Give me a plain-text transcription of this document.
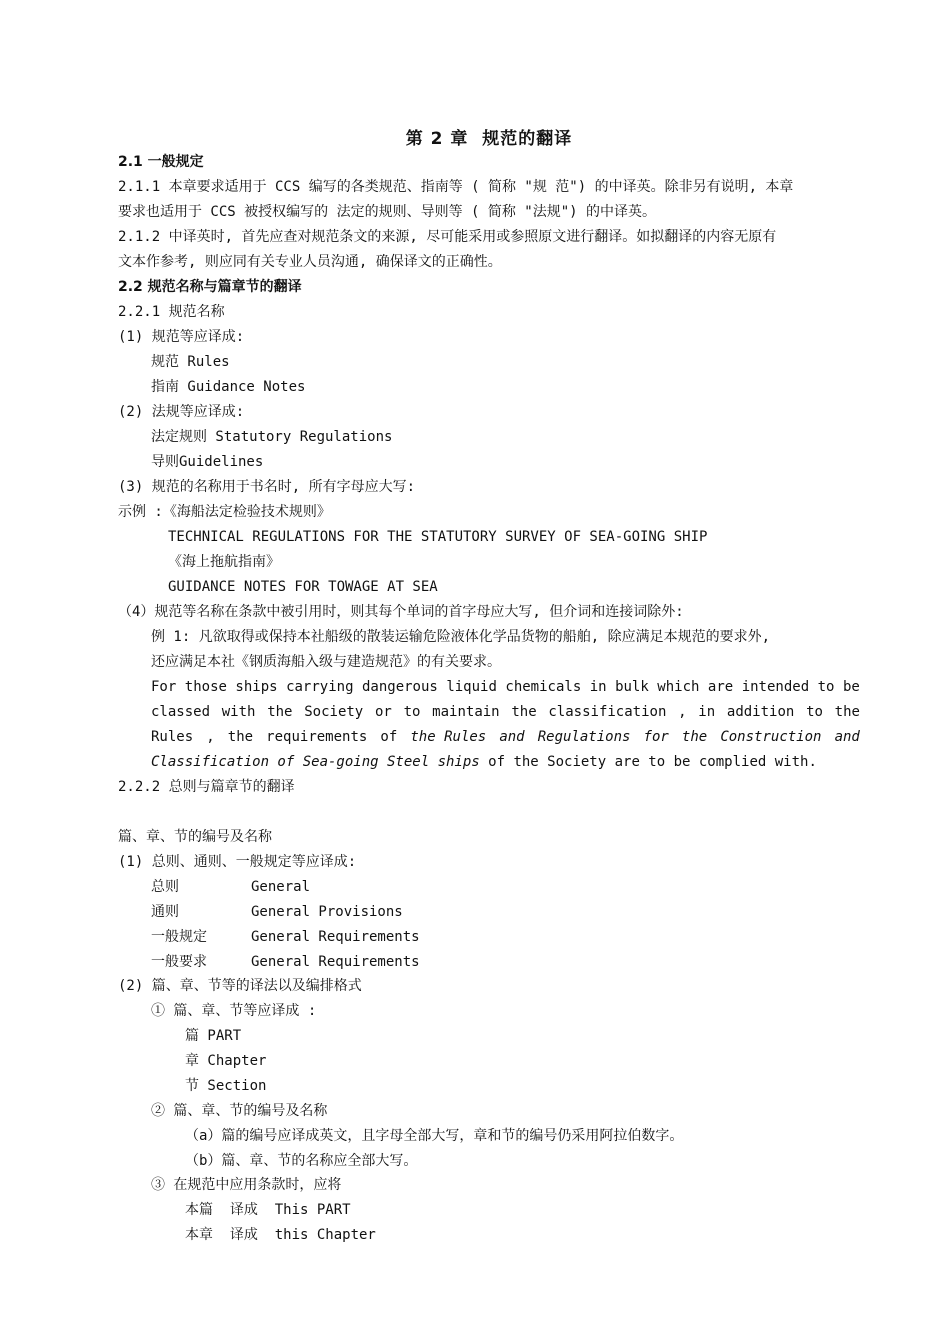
第 2 章  规范的翻译
2.1 一般规定
2.1.1 本章要求适用于 CCS 编写的各类规范、指南等 ( 简称 "规 范") 的中译英。除非另有说明, 本章
要求也适用于 CCS 被授权编写的 法定的规则、导则等 ( 简称 "法规") 的中译英。
2.1.2 中译英时, 首先应查对规范条文的来源, 尽可能采用或参照原文进行翻译。如拟翻译的内容无原有
文本作参考, 则应同有关专业人员沟通, 确保译文的正确性。
2.2 规范名称与篇章节的翻译
2.2.1 规范名称
(1) 规范等应译成:
规范 Rules
指南 Guidance Notes
(2) 法规等应译成:
法定规则 Statutory Regulations
导则Guidelines
(3) 规范的名称用于书名时, 所有字母应大写:
示例 :《海船法定检验技术规则》
TECHNICAL REGULATIONS FOR THE STATUTORY SURVEY OF SEA-GOING SHIP
《海上拖航指南》
GUIDANCE NOTES FOR TOWAGE AT SEA
（4）规范等名称在条款中被引用时，则其每个单词的首字母应大写, 但介词和连接词除外:
例 1: 凡欲取得或保持本社船级的散装运输危险液体化学品货物的船舶, 除应满足本规范的要求外,
还应满足本社《钢质海船入级与建造规范》的有关要求。
For those ships carrying dangerous liquid chemicals in bulk which are intended to be
classed with the Society or to maintain the classification , in addition to the
Rules , the requirements of the Rules and Regulations for the Construction and
Classification of Sea-going Steel ships of the Society are to be complied with.
2.2.2 总则与篇章节的翻译
篇、章、节的编号及名称
(1) 总则、通则、一般规定等应译成:
总则	General
通则	General Provisions
一般规定	General Requirements
一般要求	General Requirements
(2) 篇、章、节等的译法以及编排格式
① 篇、章、节等应译成 :
篇 PART
章 Chapter
节 Section
② 篇、章、节的编号及名称
（a）篇的编号应译成英文，且字母全部大写，章和节的编号仍采用阿拉伯数字。
（b）篇、章、节的名称应全部大写。
③ 在规范中应用条款时，应将
本篇  译成  This PART
本章  译成  this Chapter
